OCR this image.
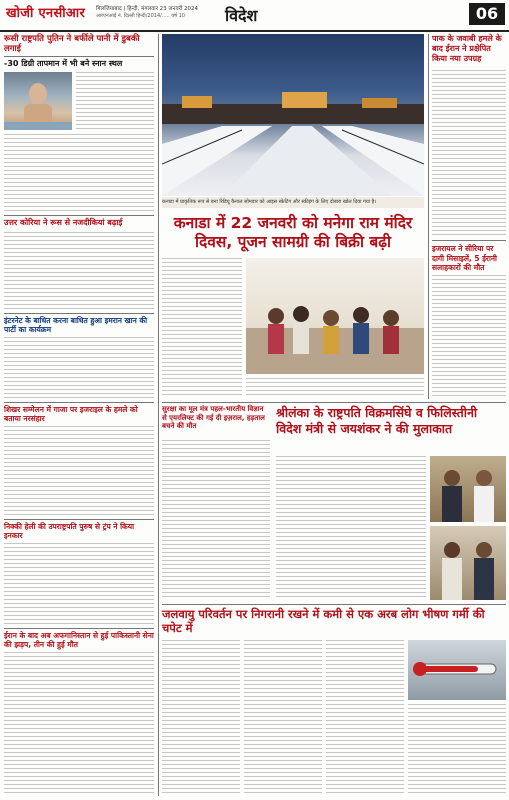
खोजी एनसीआर गिलजियाबाद | हिन्दी, मंगलवार 23 जनवरी 2024
आरएनआई नं. दिल्ली हिन्दी/2014/..... वर्ष 10	विदेश	06
रूसी राष्ट्रपति पुतिन ने बर्फीले पानी में डुबकी लगाई
-30 डिग्री तापमान में भी बने स्नान स्थल
उत्तर कोरिया ने रूस से नजदीकियां बढ़ाई
इंटरनेट के बाधित करना बाधित हुआ इमरान खान की पार्टी का कार्यक्रम
शिखर सम्मेलन में गाजा पर इजराइल के हमले को बताया नरसंहार
निक्की हेली की उपराष्ट्रपति पुरुष से ट्रंप ने किया इनकार
ईरान के बाद अब अफगानिस्तान से हुई पाकिस्तानी सेना की झड़प, तीन की हुई मौत
कनाडा में प्राकृतिक रूप से बना रिडियू कैनाल सोमवार को आइस स्केटिंग और स्कीइंग के लिए दोबारा खोल दिया गया है।
कनाडा में 22 जनवरी को मनेगा राम मंदिर दिवस, पूजन सामग्री की बिक्री बढ़ी
पाक के जवाबी हमले के बाद ईरान ने प्रक्षेपित किया नया उपग्रह
इजरायल ने सीरिया पर दागी मिसाइलें, 5 ईरानी सलाहकारों की मौत
सुरक्षा का मूल मंत्र पहल-भारतीय विज्ञान से एयरलिफ्ट की गई दी इज़राल, हड़ताल बचने की मौत
श्रीलंका के राष्ट्रपति विक्रमसिंघे व फिलिस्तीनी विदेश मंत्री से जयशंकर ने की मुलाकात
जलवायु परिवर्तन पर निगरानी रखने में कमी से एक अरब लोग भीषण गर्मी की चपेट में
